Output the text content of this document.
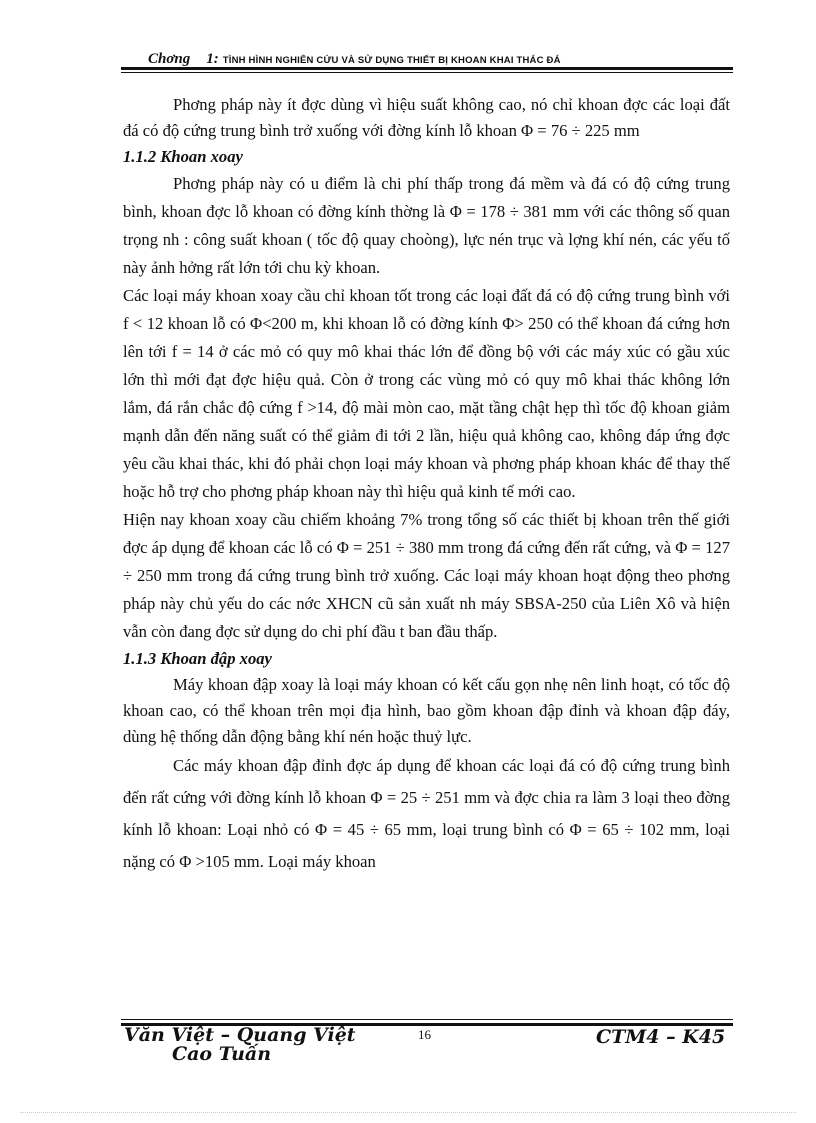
Chơng 1: TÌNH HÌNH NGHIÊN CỨU VÀ SỬ DỤNG THIẾT BỊ KHOAN KHAI THÁC ĐÁ

Phơng pháp này ít đợc dùng vì hiệu suất không cao, nó chỉ khoan đợc các loại đất đá có độ cứng trung bình trở xuống với đờng kính lỗ khoan Φ = 76 ÷ 225 mm

1.1.2 Khoan xoay

Phơng pháp này có u điểm là chi phí thấp trong đá mềm và đá có độ cứng trung bình, khoan đợc lỗ khoan có đờng kính thờng là Φ = 178 ÷ 381 mm với các thông số quan trọng nh : công suất khoan ( tốc độ quay choòng), lực nén trục và lợng khí nén, các yếu tố này ảnh hởng rất lớn tới chu kỳ khoan.

Các loại máy khoan xoay cầu chỉ khoan tốt trong các loại đất đá có độ cứng trung bình với f < 12 khoan lỗ có Φ<200 m, khi khoan lỗ có đờng kính Φ> 250 có thể khoan đá cứng hơn lên tới f = 14 ở các mỏ có quy mô khai thác lớn để đồng bộ với các máy xúc có gầu xúc lớn thì mới đạt đợc hiệu quả. Còn ở trong các vùng mỏ có quy mô khai thác không lớn lắm, đá rắn chắc độ cứng f >14, độ mài mòn cao, mặt tầng chật hẹp thì tốc độ khoan giảm mạnh dẫn đến năng suất có thể giảm đi tới 2 lần, hiệu quả không cao, không đáp ứng đợc yêu cầu khai thác, khi đó phải chọn loại máy khoan và phơng pháp khoan khác để thay thế hoặc hỗ trợ cho phơng pháp khoan này thì hiệu quả kinh tế mới cao.

Hiện nay khoan xoay cầu chiếm khoảng 7% trong tổng số các thiết bị khoan trên thế giới đợc áp dụng để khoan các lỗ có Φ = 251 ÷ 380 mm trong đá cứng đến rất cứng, và Φ = 127 ÷ 250 mm trong đá cứng trung bình trở xuống. Các loại máy khoan hoạt động theo phơng pháp này chủ yếu do các nớc XHCN cũ sản xuất nh máy SBSA-250 của Liên Xô và hiện vẫn còn đang đợc sử dụng do chi phí đầu t ban đầu thấp.

1.1.3 Khoan đập xoay

Máy khoan đập xoay là loại máy khoan có kết cấu gọn nhẹ nên linh hoạt, có tốc độ khoan cao, có thể khoan trên mọi địa hình, bao gồm khoan đập đỉnh và khoan đập đáy, dùng hệ thống dẫn động bằng khí nén hoặc thuỷ lực.

Các máy khoan đập đỉnh đợc áp dụng để khoan các loại đá có độ cứng trung bình đến rất cứng với đờng kính lỗ khoan Φ = 25 ÷ 251 mm và đợc chia ra làm 3 loại theo đờng kính lỗ khoan: Loại nhỏ có Φ = 45 ÷ 65 mm, loại trung bình có Φ = 65 ÷ 102 mm, loại nặng có Φ >105 mm. Loại máy khoan

Văn Việt – Quang Việt
Cao Tuấn
16	CTM4 – K45
